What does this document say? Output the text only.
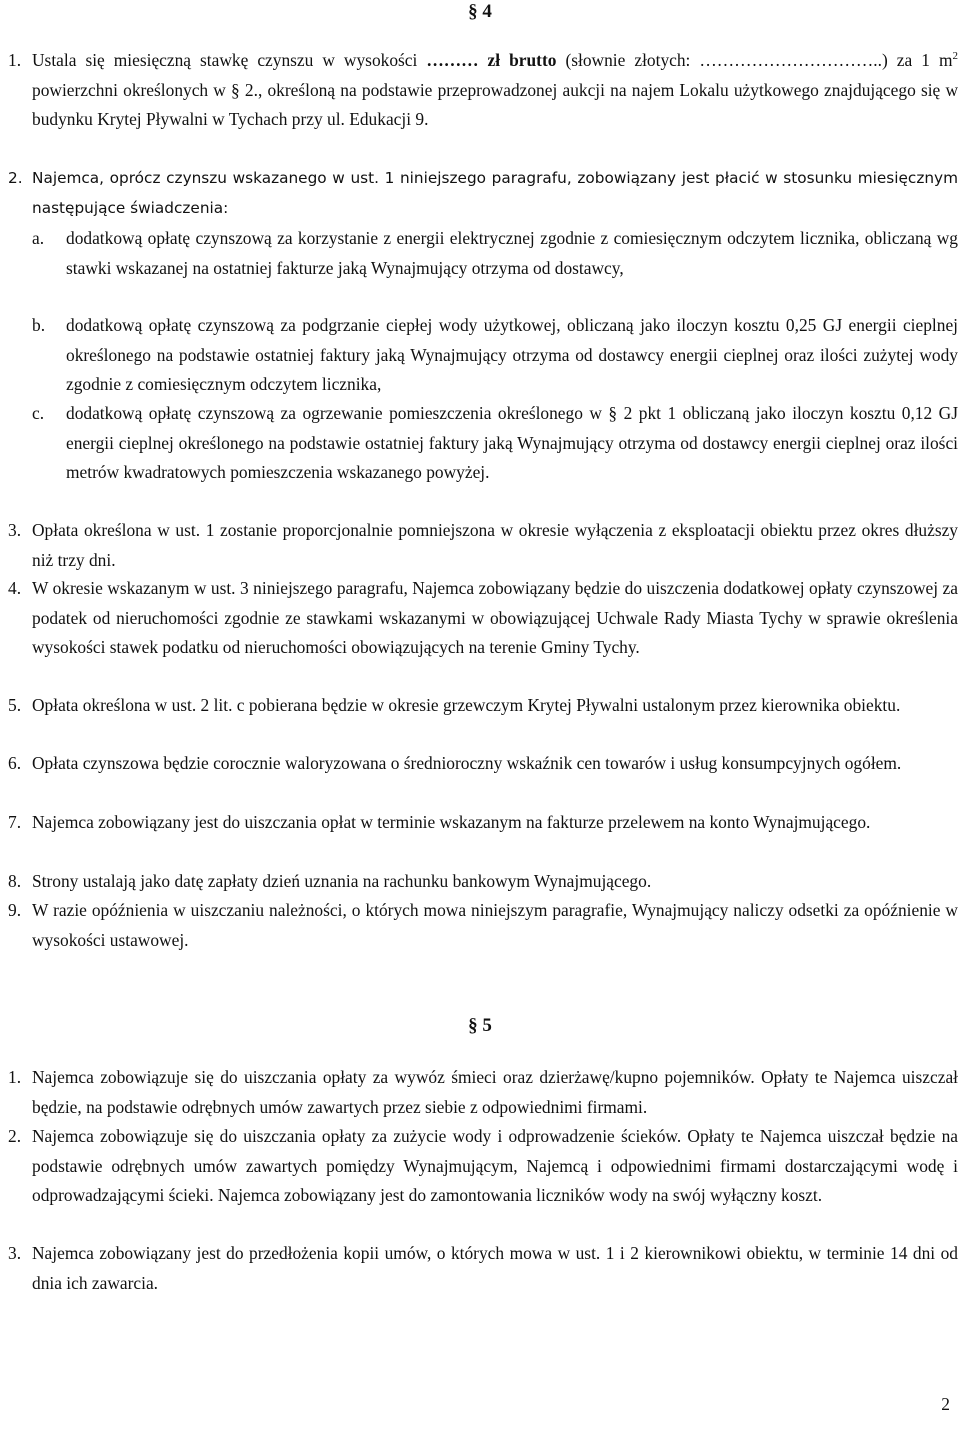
§ 4
1. Ustala się miesięczną stawkę czynszu w wysokości ……… zł brutto (słownie złotych: …………………………..) za 1 $m^2$ powierzchni określonych w § 2., określoną na podstawie przeprowadzonej aukcji na najem Lokalu użytkowego znajdującego się w budynku Krytej Pływalni w Tychach przy ul. Edukacji 9.
2. Najemca, oprócz czynszu wskazanego w ust. 1 niniejszego paragrafu, zobowiązany jest płacić w stosunku miesięcznym następujące świadczenia:
a. dodatkową opłatę czynszową za korzystanie z energii elektrycznej zgodnie z comiesięcznym odczytem licznika, obliczaną wg stawki wskazanej na ostatniej fakturze jaką Wynajmujący otrzyma od dostawcy,
b. dodatkową opłatę czynszową za podgrzanie ciepłej wody użytkowej, obliczaną jako iloczyn kosztu 0,25 GJ energii cieplnej określonego na podstawie ostatniej faktury jaką Wynajmujący otrzyma od dostawcy energii cieplnej oraz ilości zużytej wody zgodnie z comiesięcznym odczytem licznika,
c. dodatkową opłatę czynszową za ogrzewanie pomieszczenia określonego w § 2 pkt 1 obliczaną jako iloczyn kosztu 0,12 GJ energii cieplnej określonego na podstawie ostatniej faktury jaką Wynajmujący otrzyma od dostawcy energii cieplnej oraz ilości metrów kwadratowych pomieszczenia wskazanego powyżej.
3. Opłata określona w ust. 1 zostanie proporcjonalnie pomniejszona w okresie wyłączenia z eksploatacji obiektu przez okres dłuższy niż trzy dni.
4. W okresie wskazanym w ust. 3 niniejszego paragrafu, Najemca zobowiązany będzie do uiszczenia dodatkowej opłaty czynszowej za podatek od nieruchomości zgodnie ze stawkami wskazanymi w obowiązującej Uchwale Rady Miasta Tychy w sprawie określenia wysokości stawek podatku od nieruchomości obowiązujących na terenie Gminy Tychy.
5. Opłata określona w ust. 2 lit. c pobierana będzie w okresie grzewczym Krytej Pływalni ustalonym przez kierownika obiektu.
6. Opłata czynszowa będzie corocznie waloryzowana o średnioroczny wskaźnik cen towarów i usług konsumpcyjnych ogółem.
7. Najemca zobowiązany jest do uiszczania opłat w terminie wskazanym na fakturze przelewem na konto Wynajmującego.
8. Strony ustalają jako datę zapłaty dzień uznania na rachunku bankowym Wynajmującego.
9. W razie opóźnienia w uiszczaniu należności, o których mowa niniejszym paragrafie, Wynajmujący naliczy odsetki za opóźnienie w wysokości ustawowej.
§ 5
1. Najemca zobowiązuje się do uiszczania opłaty za wywóz śmieci oraz dzierżawę/kupno pojemników. Opłaty te Najemca uiszczał będzie, na podstawie odrębnych umów zawartych przez siebie z odpowiednimi firmami.
2. Najemca zobowiązuje się do uiszczania opłaty za zużycie wody i odprowadzenie ścieków. Opłaty te Najemca uiszczał będzie na podstawie odrębnych umów zawartych pomiędzy Wynajmującym, Najemcą i odpowiednimi firmami dostarczającymi wodę i odprowadzającymi ścieki. Najemca zobowiązany jest do zamontowania liczników wody na swój wyłączny koszt.
3. Najemca zobowiązany jest do przedłożenia kopii umów, o których mowa w ust. 1 i 2 kierownikowi obiektu, w terminie 14 dni od dnia ich zawarcia.
2
